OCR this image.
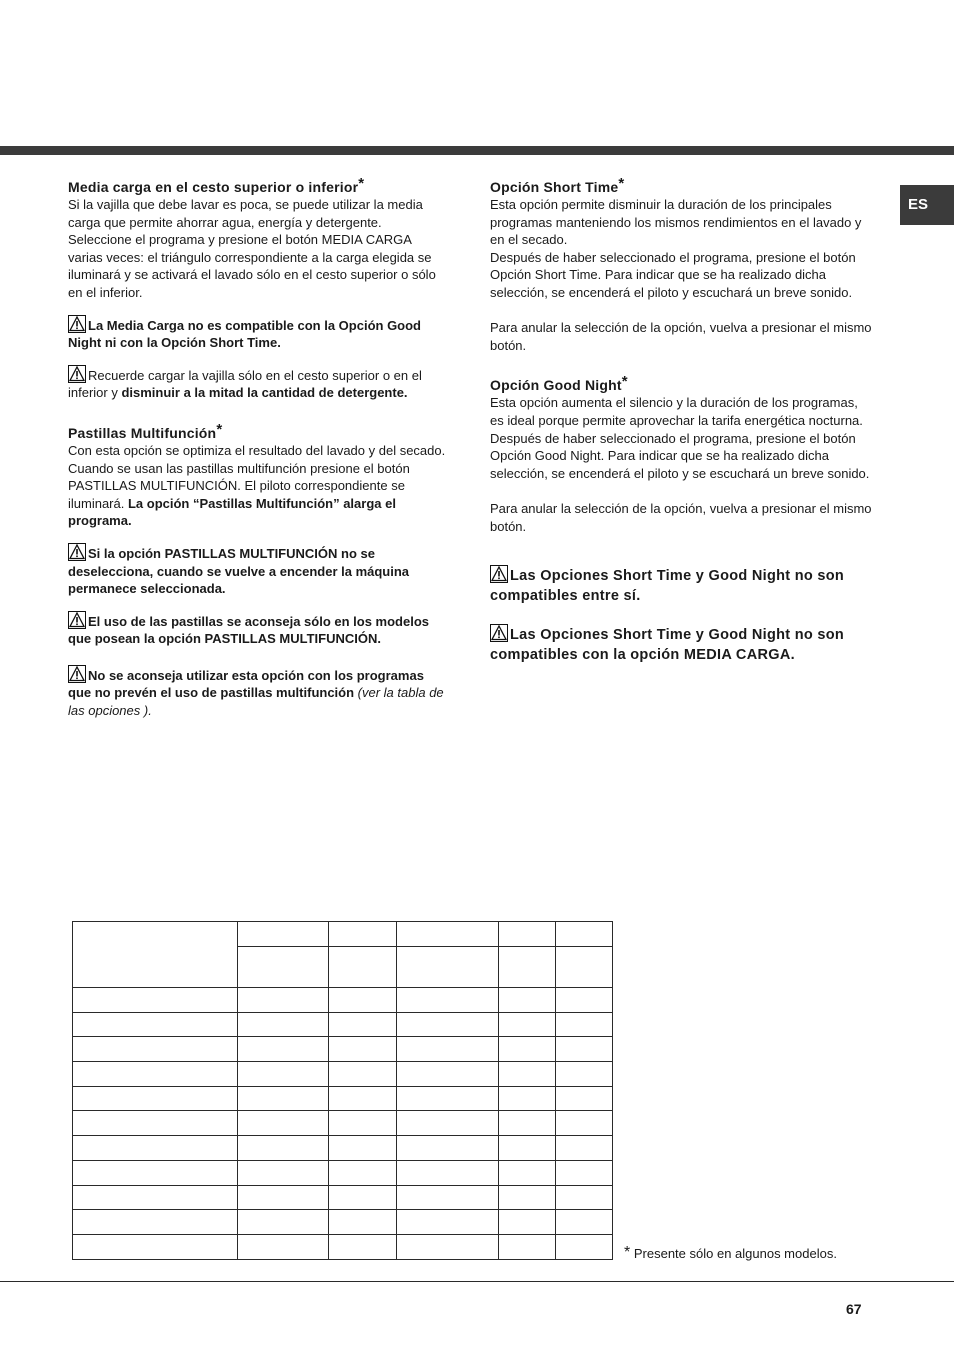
ES
Media carga en el cesto superior o inferior*

Si la vajilla que debe lavar es poca, se puede utilizar la media carga que permite ahorrar agua, energía y detergente. Seleccione el programa y presione el botón MEDIA CARGA varias veces: el triángulo correspondiente a la carga elegida se iluminará y se activará el lavado sólo en el cesto superior o sólo en el inferior.

La Media Carga no es compatible con la Opción Good Night ni con la Opción Short Time.

Recuerde cargar la vajilla sólo en el cesto superior o en el inferior y disminuir a la mitad la cantidad de detergente.

Pastillas Multifunción*

Con esta opción se optimiza el resultado del lavado y del secado.

Cuando se usan las pastillas multifunción presione el botón PASTILLAS MULTIFUNCIÓN. El piloto correspondiente se iluminará. La opción “Pastillas Multifunción” alarga el programa.

Si la opción PASTILLAS MULTIFUNCIÓN no se deselecciona, cuando se vuelve a encender la máquina permanece seleccionada.

El uso de las pastillas se aconseja sólo en los modelos que posean la opción PASTILLAS MULTIFUNCIÓN.

No se aconseja utilizar esta opción con los programas que no prevén el uso de pastillas multifunción (ver la tabla de las opciones ).

Opción Short Time*

Esta opción permite disminuir la duración de los principales programas manteniendo los mismos rendimientos en el lavado y en el secado.

Después de haber seleccionado el programa, presione el botón Opción Short Time. Para indicar que se ha realizado dicha selección, se encenderá el piloto y escuchará un breve sonido.

Para anular la selección de la opción, vuelva a presionar el mismo botón.

Opción Good Night*

Esta opción aumenta el silencio y la duración de los programas, es ideal porque permite aprovechar la tarifa energética nocturna.

Después de haber seleccionado el programa, presione el botón Opción Good Night. Para indicar que se ha realizado dicha selección, se encenderá el piloto y se escuchará un breve sonido.

Para anular la selección de la opción, vuelva a presionar el mismo botón.

Las Opciones Short Time y Good Night no son compatibles entre sí.

Las Opciones Short Time y Good Night no son compatibles con la opción MEDIA CARGA.

* Presente sólo en algunos modelos.
67
